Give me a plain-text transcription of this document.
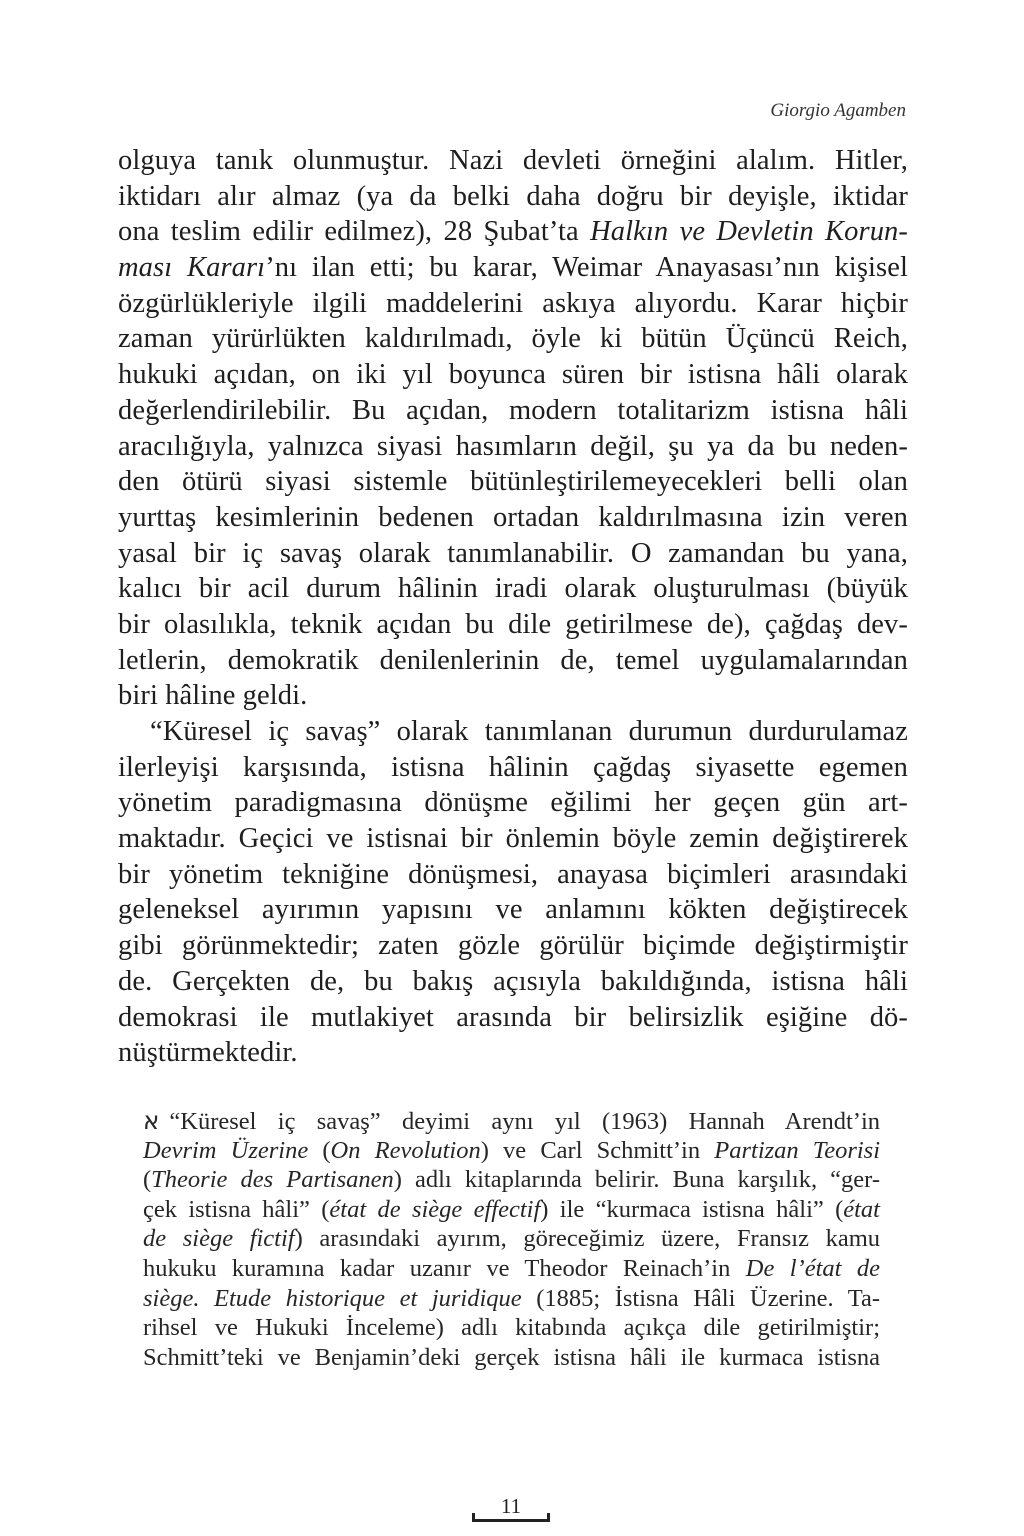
Giorgio Agamben
olguya tanık olunmuştur. Nazi devleti örneğini alalım. Hitler,
iktidarı alır almaz (ya da belki daha doğru bir deyişle, iktidar
ona teslim edilir edilmez), 28 Şubat’ta Halkın ve Devletin Korun-
ması Kararı’nı ilan etti; bu karar, Weimar Anayasası’nın kişisel
özgürlükleriyle ilgili maddelerini askıya alıyordu. Karar hiçbir
zaman yürürlükten kaldırılmadı, öyle ki bütün Üçüncü Reich,
hukuki açıdan, on iki yıl boyunca süren bir istisna hâli olarak
değerlendirilebilir. Bu açıdan, modern totalitarizm istisna hâli
aracılığıyla, yalnızca siyasi hasımların değil, şu ya da bu neden-
den ötürü siyasi sistemle bütünleştirilemeyecekleri belli olan
yurttaş kesimlerinin bedenen ortadan kaldırılmasına izin veren
yasal bir iç savaş olarak tanımlanabilir. O zamandan bu yana,
kalıcı bir acil durum hâlinin iradi olarak oluşturulması (büyük
bir olasılıkla, teknik açıdan bu dile getirilmese de), çağdaş dev-
letlerin, demokratik denilenlerinin de, temel uygulamalarından
biri hâline geldi.
“Küresel iç savaş” olarak tanımlanan durumun durdurulamaz
ilerleyişi karşısında, istisna hâlinin çağdaş siyasette egemen
yönetim paradigmasına dönüşme eğilimi her geçen gün art-
maktadır. Geçici ve istisnai bir önlemin böyle zemin değiştirerek
bir yönetim tekniğine dönüşmesi, anayasa biçimleri arasındaki
geleneksel ayırımın yapısını ve anlamını kökten değiştirecek
gibi görünmektedir; zaten gözle görülür biçimde değiştirmiştir
de. Gerçekten de, bu bakış açısıyla bakıldığında, istisna hâli
demokrasi ile mutlakiyet arasında bir belirsizlik eşiğine dö-
nüştürmektedir.
א “Küresel iç savaş” deyimi aynı yıl (1963) Hannah Arendt’in
Devrim Üzerine (On Revolution) ve Carl Schmitt’in Partizan Teorisi
(Theorie des Partisanen) adlı kitaplarında belirir. Buna karşılık, “ger-
çek istisna hâli” (état de siège effectif) ile “kurmaca istisna hâli” (état
de siège fictif) arasındaki ayırım, göreceğimiz üzere, Fransız kamu
hukuku kuramına kadar uzanır ve Theodor Reinach’in De l’état de
siège. Etude historique et juridique (1885; İstisna Hâli Üzerine. Ta-
rihsel ve Hukuki İnceleme) adlı kitabında açıkça dile getirilmiştir;
Schmitt’teki ve Benjamin’deki gerçek istisna hâli ile kurmaca istisna
11
